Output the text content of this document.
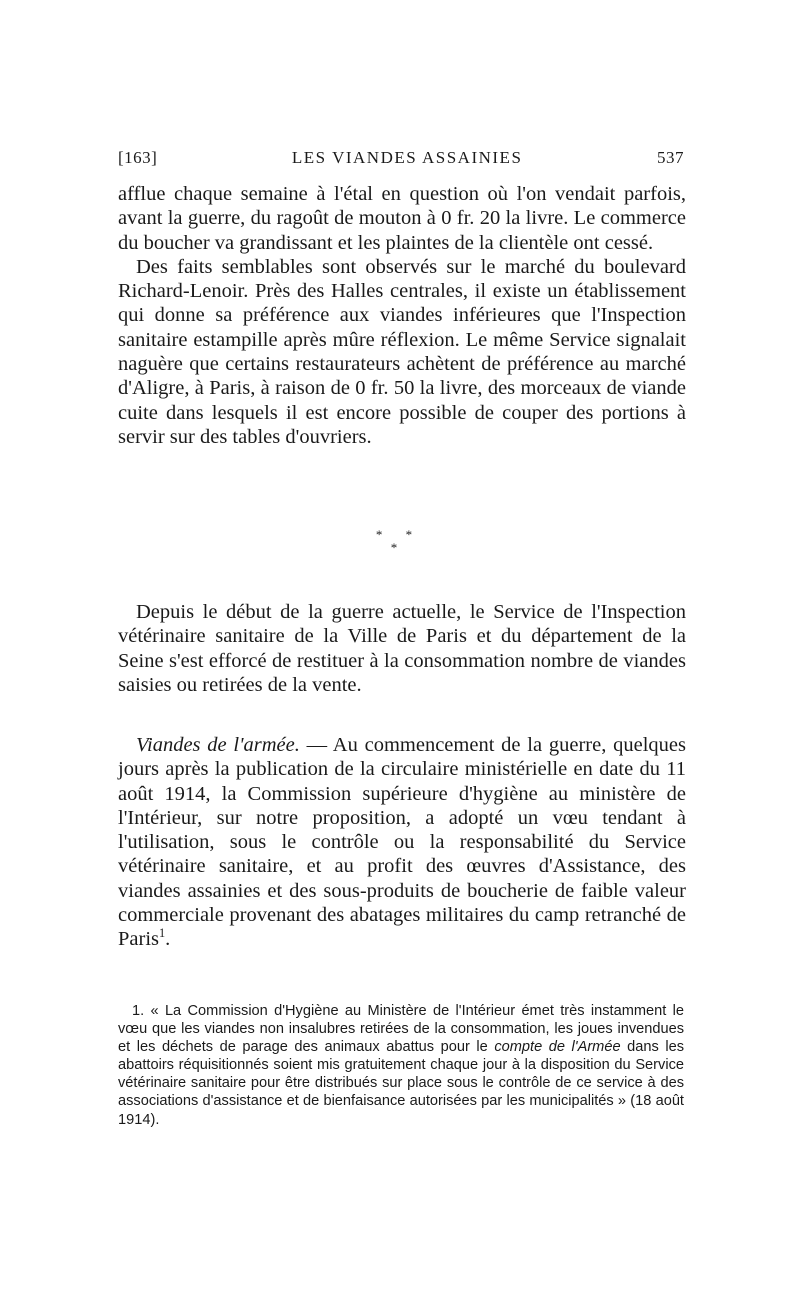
[163]	LES VIANDES ASSAINIES	537

afflue chaque semaine à l'étal en question où l'on vendait parfois, avant la guerre, du ragoût de mouton à 0 fr. 20 la livre. Le commerce du boucher va grandissant et les plaintes de la clientèle ont cessé.

Des faits semblables sont observés sur le marché du boulevard Richard-Lenoir. Près des Halles centrales, il existe un établissement qui donne sa préférence aux viandes inférieures que l'Inspection sanitaire estampille après mûre réflexion. Le même Service signalait naguère que certains restaurateurs achètent de préférence au marché d'Aligre, à Paris, à raison de 0 fr. 50 la livre, des morceaux de viande cuite dans lesquels il est encore possible de couper des portions à servir sur des tables d'ouvriers.

* * *

Depuis le début de la guerre actuelle, le Service de l'Inspection vétérinaire sanitaire de la Ville de Paris et du département de la Seine s'est efforcé de restituer à la consommation nombre de viandes saisies ou retirées de la vente.

Viandes de l'armée. — Au commencement de la guerre, quelques jours après la publication de la circulaire ministérielle en date du 11 août 1914, la Commission supérieure d'hygiène au ministère de l'Intérieur, sur notre proposition, a adopté un vœu tendant à l'utilisation, sous le contrôle ou la responsabilité du Service vétérinaire sanitaire, et au profit des œuvres d'Assistance, des viandes assainies et des sous-produits de boucherie de faible valeur commerciale provenant des abatages militaires du camp retranché de Paris$^1$.

1. « La Commission d'Hygiène au Ministère de l'Intérieur émet très instamment le vœu que les viandes non insalubres retirées de la consommation, les joues invendues et les déchets de parage des animaux abattus pour le compte de l'Armée dans les abattoirs réquisitionnés soient mis gratuitement chaque jour à la disposition du Service vétérinaire sanitaire pour être distribués sur place sous le contrôle de ce service à des associations d'assistance et de bienfaisance autorisées par les municipalités » (18 août 1914).
